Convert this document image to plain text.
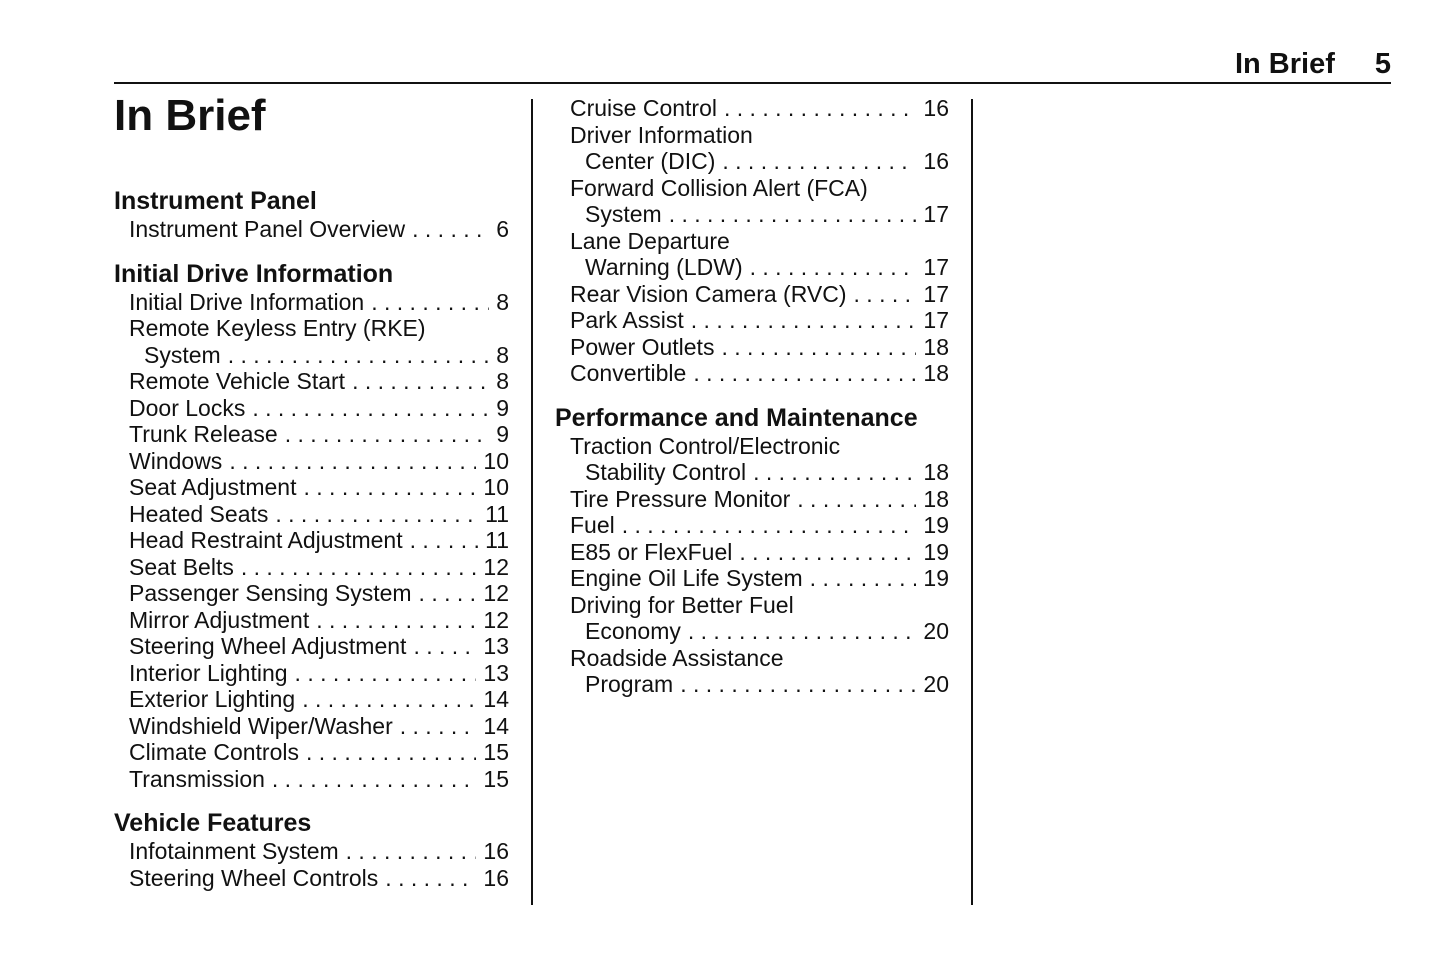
In Brief 5
In Brief
Instrument Panel
Instrument Panel Overview . . .	6
Initial Drive Information
Initial Drive Information . . .	8
Remote Keyless Entry (RKE)
System . . .	8
Remote Vehicle Start . . .	8
Door Locks . . .	9
Trunk Release . . .	9
Windows . . .	10
Seat Adjustment . . .	10
Heated Seats . . .	11
Head Restraint Adjustment . . .	11
Seat Belts . . .	12
Passenger Sensing System . . .	12
Mirror Adjustment . . .	12
Steering Wheel Adjustment . . .	13
Interior Lighting . . .	13
Exterior Lighting . . .	14
Windshield Wiper/Washer . . .	14
Climate Controls . . .	15
Transmission . . .	15
Vehicle Features
Infotainment System . . .	16
Steering Wheel Controls . . .	16
Cruise Control . . .	16
Driver Information
Center (DIC) . . .	16
Forward Collision Alert (FCA)
System . . .	17
Lane Departure
Warning (LDW) . . .	17
Rear Vision Camera (RVC) . . .	17
Park Assist . . .	17
Power Outlets . . .	18
Convertible . . .	18
Performance and Maintenance
Traction Control/Electronic
Stability Control . . .	18
Tire Pressure Monitor . . .	18
Fuel . . .	19
E85 or FlexFuel . . .	19
Engine Oil Life System . . .	19
Driving for Better Fuel
Economy . . .	20
Roadside Assistance
Program . . .	20
